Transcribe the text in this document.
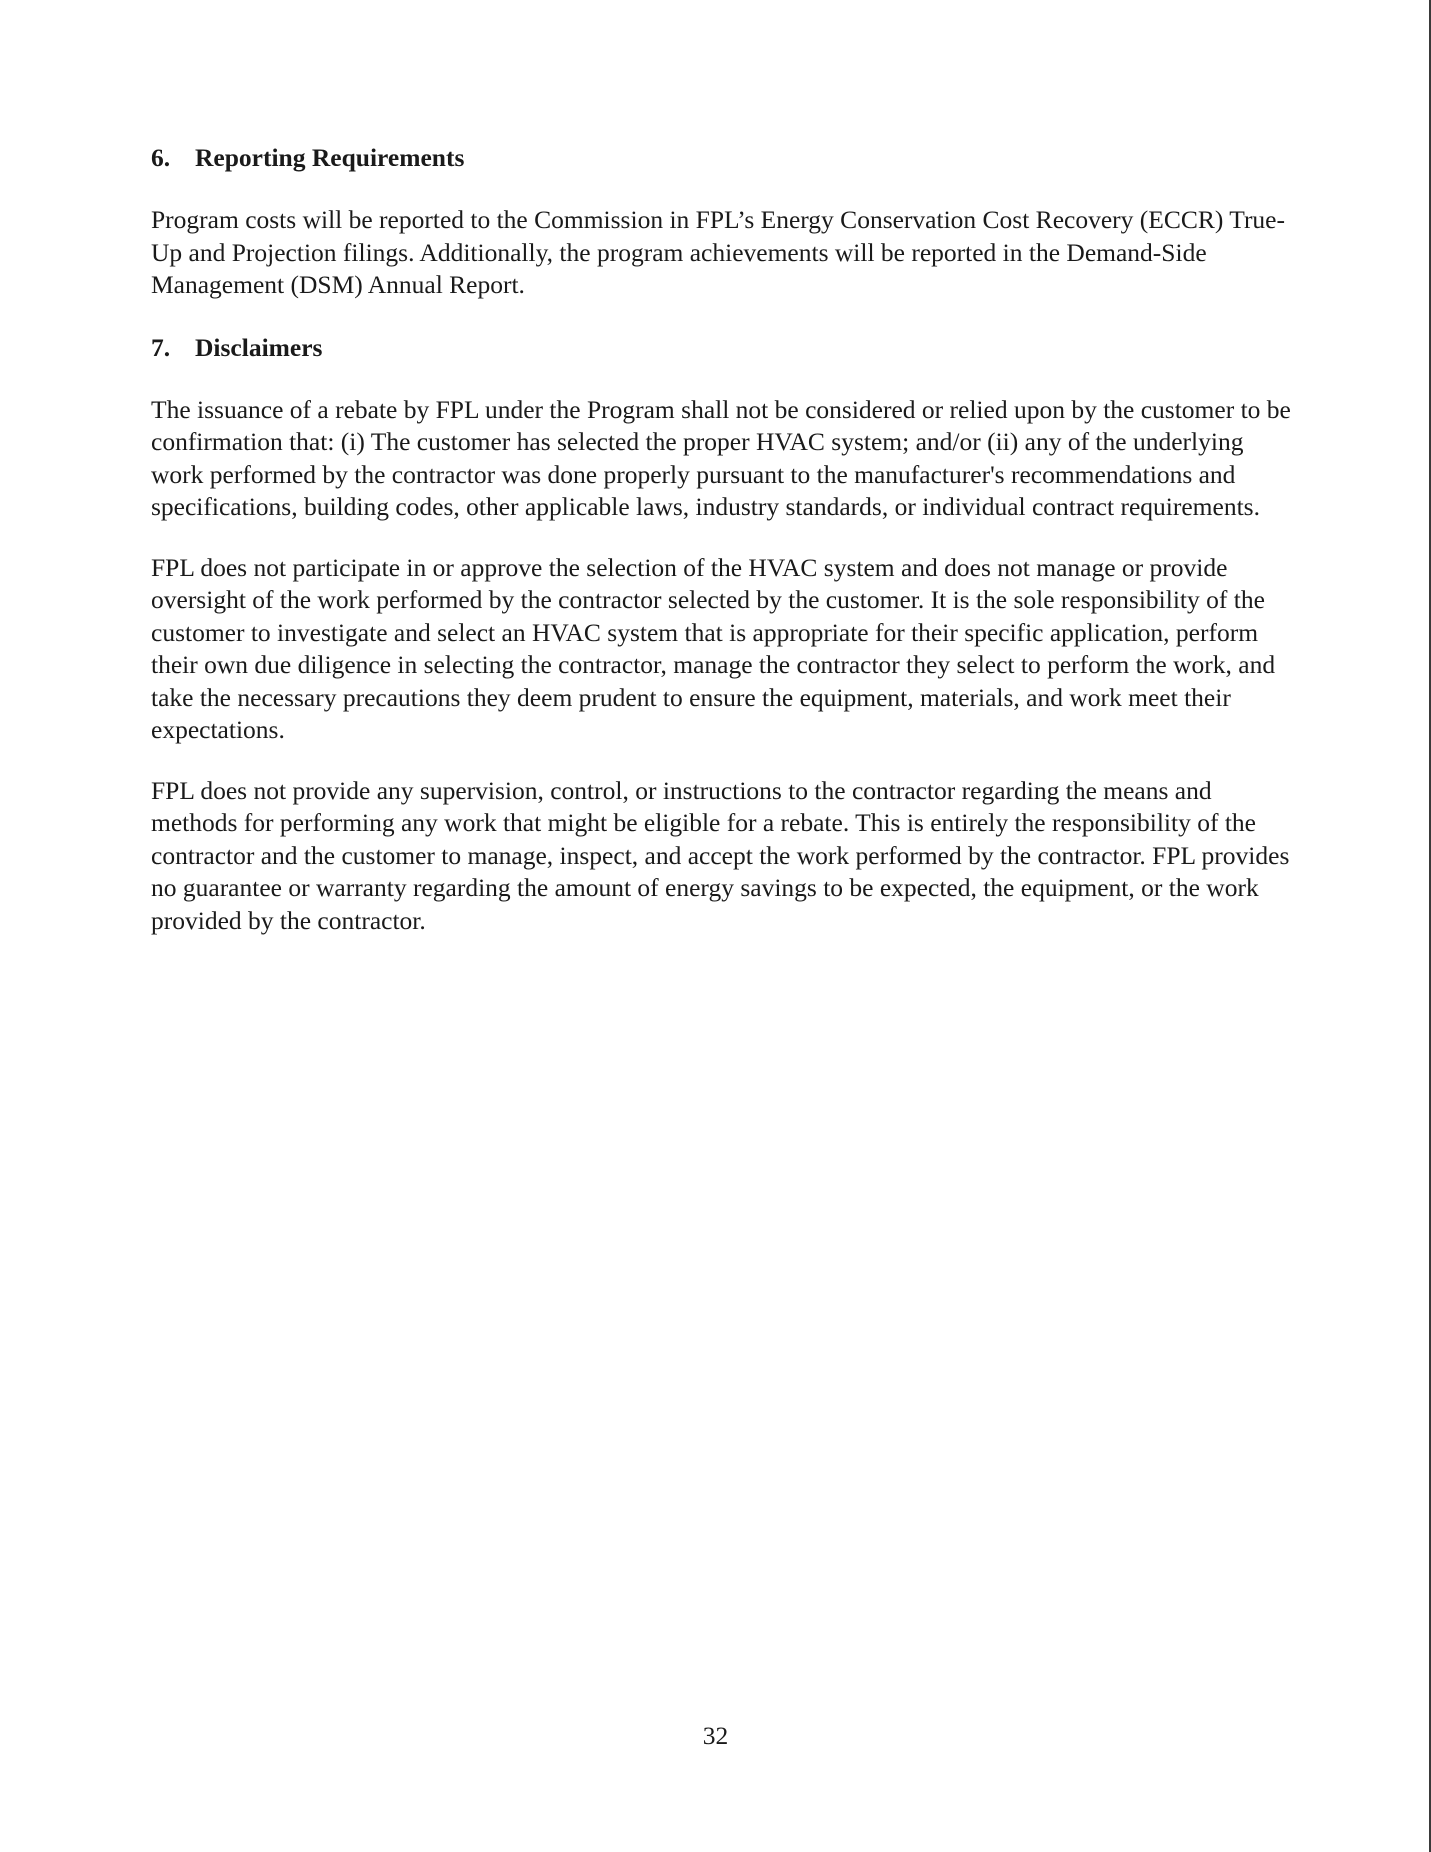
6. Reporting Requirements

Program costs will be reported to the Commission in FPL’s Energy Conservation Cost Recovery (ECCR) True-Up and Projection filings. Additionally, the program achievements will be reported in the Demand-Side Management (DSM) Annual Report.

7. Disclaimers

The issuance of a rebate by FPL under the Program shall not be considered or relied upon by the customer to be confirmation that: (i) The customer has selected the proper HVAC system; and/or (ii) any of the underlying work performed by the contractor was done properly pursuant to the manufacturer's recommendations and specifications, building codes, other applicable laws, industry standards, or individual contract requirements.

FPL does not participate in or approve the selection of the HVAC system and does not manage or provide oversight of the work performed by the contractor selected by the customer. It is the sole responsibility of the customer to investigate and select an HVAC system that is appropriate for their specific application, perform their own due diligence in selecting the contractor, manage the contractor they select to perform the work, and take the necessary precautions they deem prudent to ensure the equipment, materials, and work meet their expectations.

FPL does not provide any supervision, control, or instructions to the contractor regarding the means and methods for performing any work that might be eligible for a rebate. This is entirely the responsibility of the contractor and the customer to manage, inspect, and accept the work performed by the contractor. FPL provides no guarantee or warranty regarding the amount of energy savings to be expected, the equipment, or the work provided by the contractor.

32
